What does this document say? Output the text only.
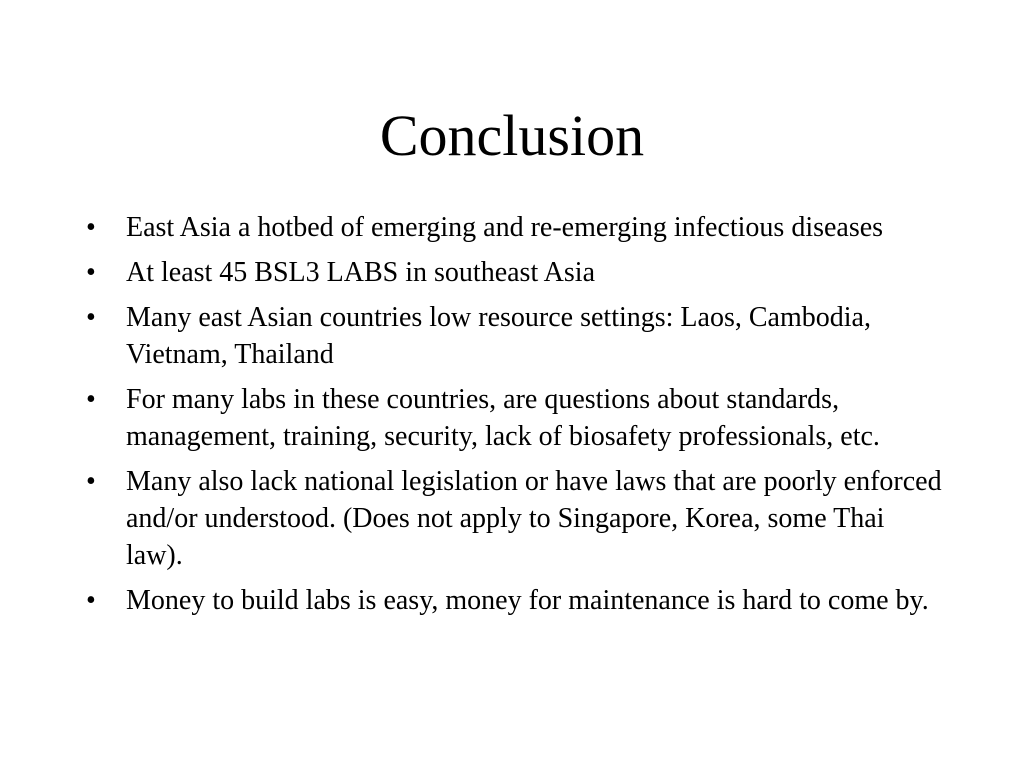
Conclusion
• East Asia a hotbed of emerging and re-emerging infectious diseases
• At least 45 BSL3 LABS in southeast Asia
• Many east Asian countries low resource settings: Laos, Cambodia, Vietnam, Thailand
• For many labs in these countries, are questions about standards, management, training, security, lack of biosafety professionals, etc.
• Many also lack national legislation or have laws that are poorly enforced and/or understood. (Does not apply to Singapore, Korea, some Thai law).
• Money to build labs is easy, money for maintenance is hard to come by.
